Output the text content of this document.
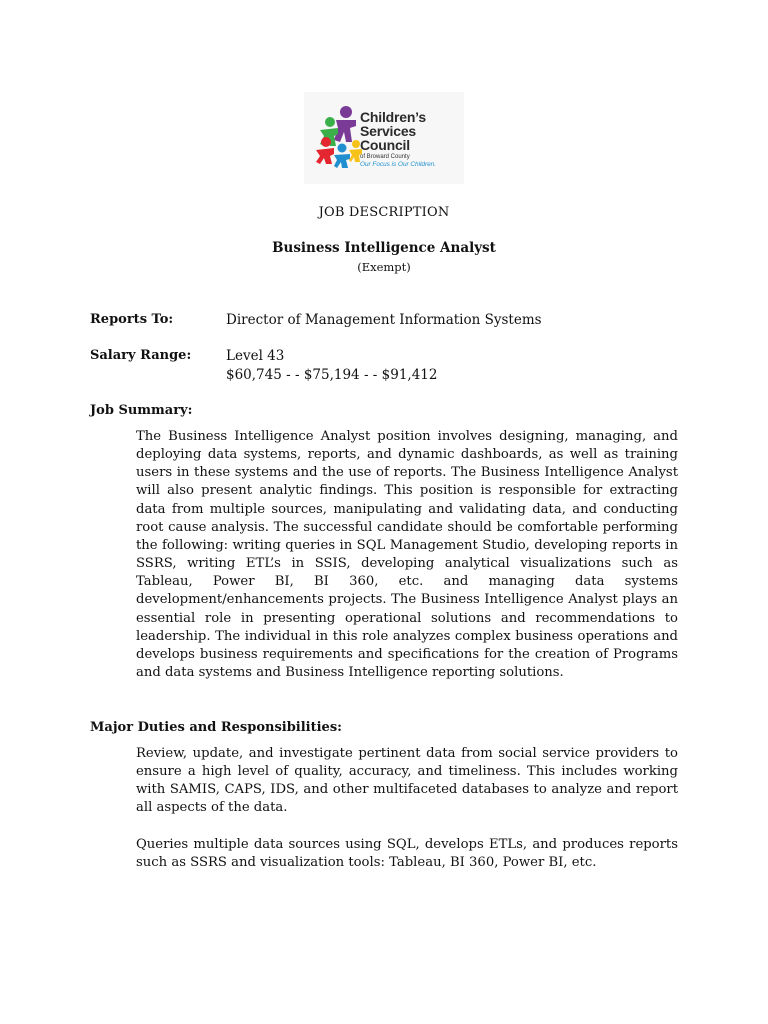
Children’s
Services
Council
of Broward County
Our Focus is Our Children.
JOB DESCRIPTION
Business Intelligence Analyst
(Exempt)
Reports To:	Director of Management Information Systems
Salary Range:	Level 43
$60,745 - - $75,194 - - $91,412
Job Summary:

The Business Intelligence Analyst position involves designing, managing, and deploying data systems, reports, and dynamic dashboards, as well as training users in these systems and the use of reports. The Business Intelligence Analyst will also present analytic findings. This position is responsible for extracting data from multiple sources, manipulating and validating data, and conducting root cause analysis. The successful candidate should be comfortable performing the following: writing queries in SQL Management Studio, developing reports in SSRS, writing ETL’s in SSIS, developing analytical visualizations such as Tableau, Power BI, BI 360, etc. and managing data systems development/enhancements projects. The Business Intelligence Analyst plays an essential role in presenting operational solutions and recommendations to leadership. The individual in this role analyzes complex business operations and develops business requirements and specifications for the creation of Programs and data systems and Business Intelligence reporting solutions.

Major Duties and Responsibilities:

Review, update, and investigate pertinent data from social service providers to ensure a high level of quality, accuracy, and timeliness. This includes working with SAMIS, CAPS, IDS, and other multifaceted databases to analyze and report all aspects of the data.

Queries multiple data sources using SQL, develops ETLs, and produces reports such as SSRS and visualization tools: Tableau, BI 360, Power BI, etc.
